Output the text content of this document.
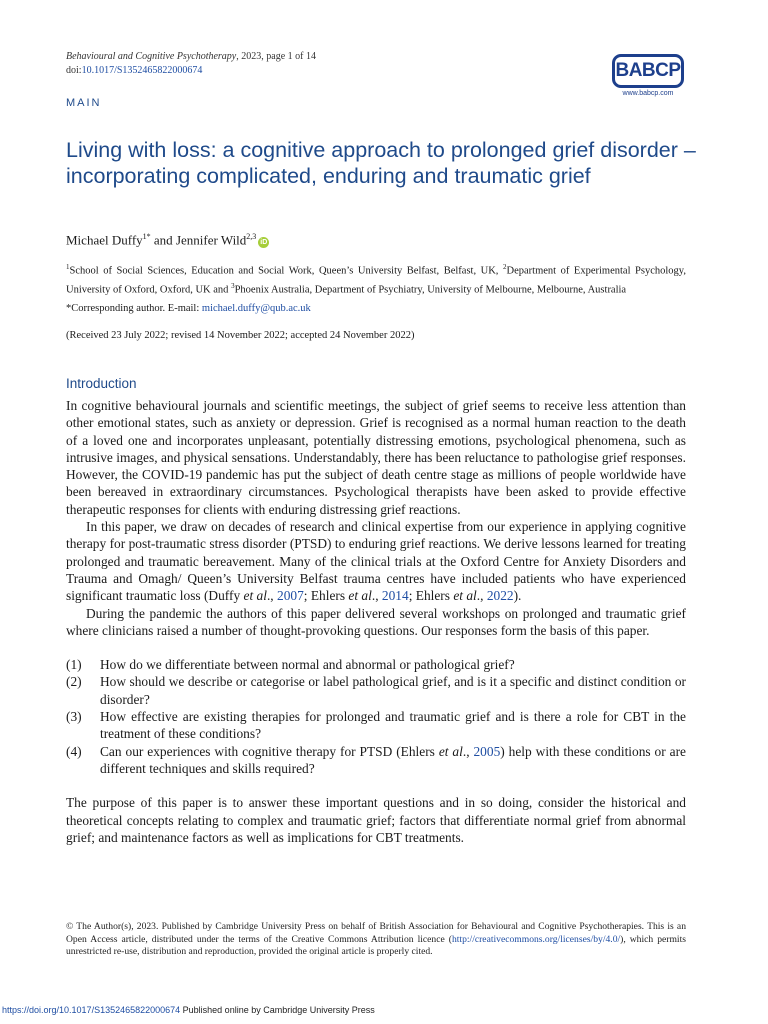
Behavioural and Cognitive Psychotherapy, 2023, page 1 of 14
doi:10.1017/S1352465822000674	BABCP
www.babcp.com
MAIN
Living with loss: a cognitive approach to prolonged grief disorder – incorporating complicated, enduring and traumatic grief
Michael Duffy$^{1*}$ and Jennifer Wild$^{2,3}$iD
$^1$School of Social Sciences, Education and Social Work, Queen’s University Belfast, Belfast, UK, $^2$Department of Experimental Psychology, University of Oxford, Oxford, UK and $^3$Phoenix Australia, Department of Psychiatry, University of Melbourne, Melbourne, Australia
*Corresponding author. E-mail: michael.duffy@qub.ac.uk
(Received 23 July 2022; revised 14 November 2022; accepted 24 November 2022)
Introduction

In cognitive behavioural journals and scientific meetings, the subject of grief seems to receive less attention than other emotional states, such as anxiety or depression. Grief is recognised as a normal human reaction to the death of a loved one and incorporates unpleasant, potentially distressing emotions, psychological phenomena, such as intrusive images, and physical sensations. Understandably, there has been reluctance to pathologise grief responses. However, the COVID-19 pandemic has put the subject of death centre stage as millions of people worldwide have been bereaved in extraordinary circumstances. Psychological therapists have been asked to provide effective therapeutic responses for clients with enduring distressing grief reactions.

In this paper, we draw on decades of research and clinical expertise from our experience in applying cognitive therapy for post-traumatic stress disorder (PTSD) to enduring grief reactions. We derive lessons learned for treating prolonged and traumatic bereavement. Many of the clinical trials at the Oxford Centre for Anxiety Disorders and Trauma and Omagh/ Queen’s University Belfast trauma centres have included patients who have experienced significant traumatic loss (Duffy et al., 2007; Ehlers et al., 2014; Ehlers et al., 2022).

During the pandemic the authors of this paper delivered several workshops on prolonged and traumatic grief where clinicians raised a number of thought-provoking questions. Our responses form the basis of this paper.

(1) How do we differentiate between normal and abnormal or pathological grief?
(2) How should we describe or categorise or label pathological grief, and is it a specific and distinct condition or disorder?
(3) How effective are existing therapies for prolonged and traumatic grief and is there a role for CBT in the treatment of these conditions?
(4) Can our experiences with cognitive therapy for PTSD (Ehlers et al., 2005) help with these conditions or are different techniques and skills required?

The purpose of this paper is to answer these important questions and in so doing, consider the historical and theoretical concepts relating to complex and traumatic grief; factors that differentiate normal grief from abnormal grief; and maintenance factors as well as implications for CBT treatments.

© The Author(s), 2023. Published by Cambridge University Press on behalf of British Association for Behavioural and Cognitive Psychotherapies. This is an Open Access article, distributed under the terms of the Creative Commons Attribution licence (http://creativecommons.org/licenses/by/4.0/), which permits unrestricted re-use, distribution and reproduction, provided the original article is properly cited.
https://doi.org/10.1017/S1352465822000674 Published online by Cambridge University Press
